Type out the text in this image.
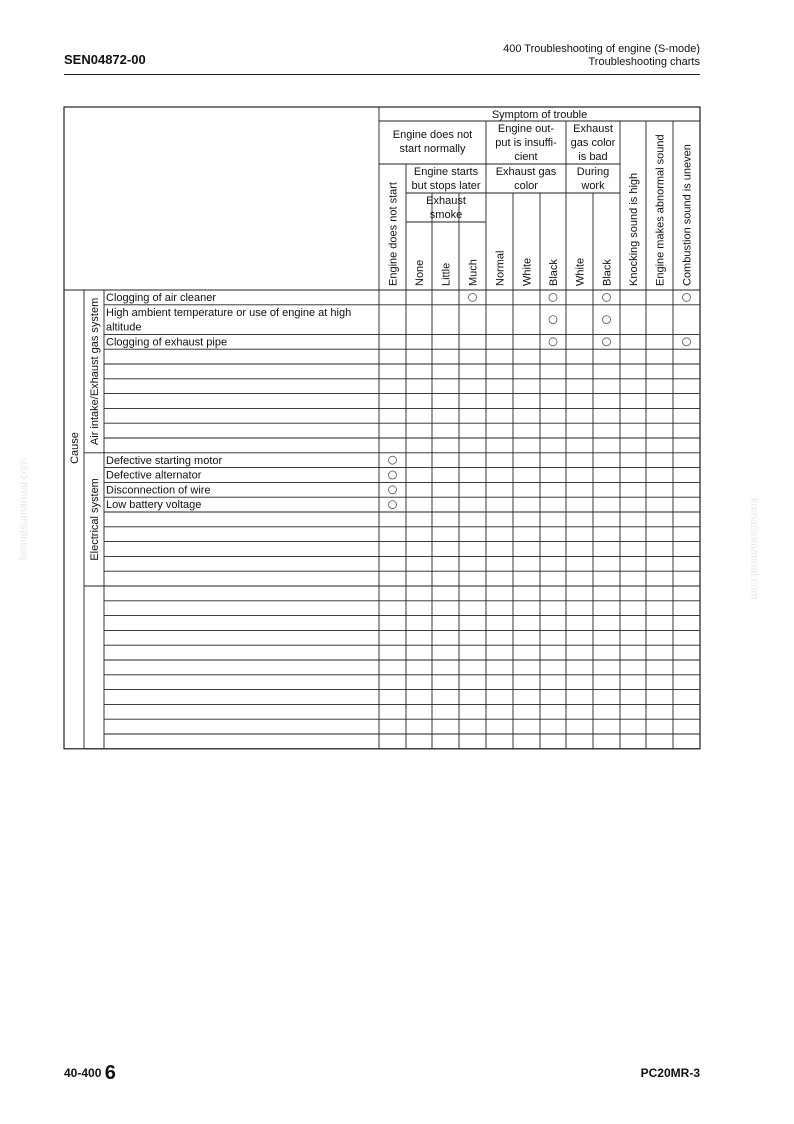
SEN04872-00
400 Troubleshooting of engine (S-mode)
Troubleshooting charts
komatsumanual.com	komatsumanual.com
Symptom of trouble
Engine does not
start normally
Engine out-
put is insuffi-
cient
Exhaust
gas color
is bad
Engine starts
but stops later
Exhaust
smoke
Exhaust gas
color
During
work
Engine does not start None Little Much Normal White Black White Black Knocking sound is high Engine makes abnormal sound Combustion sound is uneven
Clogging of air cleaner
High ambient temperature or use of engine at high
altitude
Clogging of exhaust pipe
Defective starting motor
Defective alternator
Disconnection of wire
Low battery voltage
Air intake/Exhaust gas system
Electrical system
Cause
40-400 6	PC20MR-3
